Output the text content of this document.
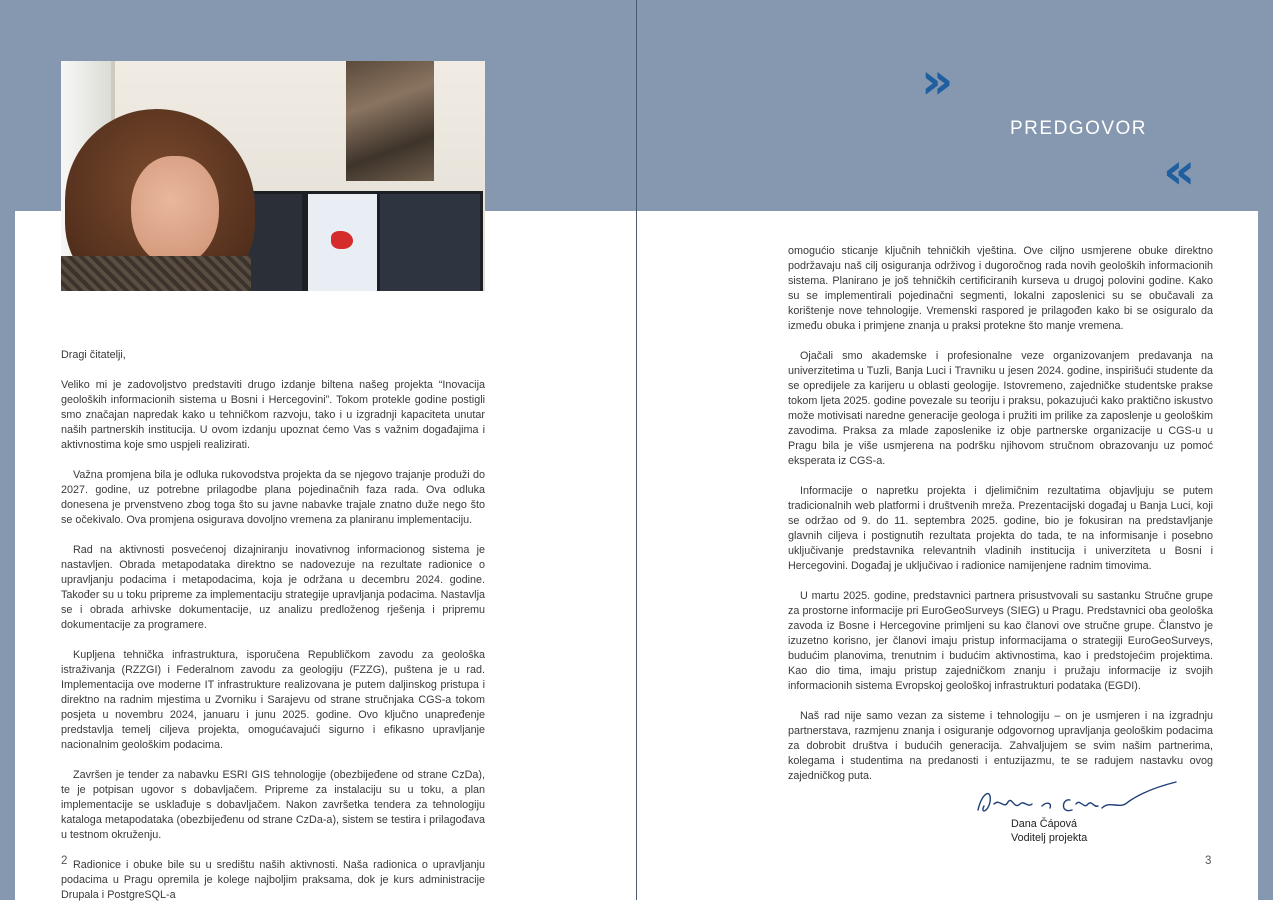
»
PREDGOVOR
«

Dragi čitatelji,

Veliko mi je zadovoljstvo predstaviti drugo izdanje biltena našeg projekta “Inovacija geoloških informacionih sistema u Bosni i Hercegovini”. Tokom protekle godine postigli smo značajan napredak kako u tehničkom razvoju, tako i u izgradnji kapaciteta unutar naših partnerskih institucija. U ovom izdanju upoznat ćemo Vas s važnim događajima i aktivnostima koje smo uspjeli realizirati.

Važna promjena bila je odluka rukovodstva projekta da se njegovo trajanje produži do 2027. godine, uz potrebne prilagodbe plana pojedinačnih faza rada. Ova odluka donesena je prvenstveno zbog toga što su javne nabavke trajale znatno duže nego što se očekivalo. Ova promjena osigurava dovoljno vremena za planiranu implementaciju.

Rad na aktivnosti posvećenoj dizajniranju inovativnog informacionog sistema je nastavljen. Obrada metapodataka direktno se nadovezuje na rezultate radionice o upravljanju podacima i metapodacima, koja je održana u decembru 2024. godine. Također su u toku pripreme za implementaciju strategije upravljanja podacima. Nastavlja se i obrada arhivske dokumentacije, uz analizu predloženog rješenja i pripremu dokumentacije za programere.

Kupljena tehnička infrastruktura, isporučena Republičkom zavodu za geološka istraživanja (RZZGI) i Federalnom zavodu za geologiju (FZZG), puštena je u rad. Implementacija ove moderne IT infrastrukture realizovana je putem daljinskog pristupa i direktno na radnim mjestima u Zvorniku i Sarajevu od strane stručnjaka CGS-a tokom posjeta u novembru 2024, januaru i junu 2025. godine. Ovo ključno unapređenje predstavlja temelj ciljeva projekta, omogućavajući sigurno i efikasno upravljanje nacionalnim geološkim podacima.

Završen je tender za nabavku ESRI GIS tehnologije (obezbijeđene od strane CzDa), te je potpisan ugovor s dobavljačem. Pripreme za instalaciju su u toku, a plan implementacije se usklađuje s dobavljačem. Nakon završetka tendera za tehnologiju kataloga metapodataka (obezbijeđenu od strane CzDa-a), sistem se testira i prilagođava u testnom okruženju.

Radionice i obuke bile su u središtu naših aktivnosti. Naša radionica o upravljanju podacima u Pragu opremila je kolege najboljim praksama, dok je kurs administracije Drupala i PostgreSQL-a

omogućio sticanje ključnih tehničkih vještina. Ove ciljno usmjerene obuke direktno podržavaju naš cilj osiguranja održivog i dugoročnog rada novih geoloških informacionih sistema. Planirano je još tehničkih certificiranih kurseva u drugoj polovini godine. Kako su se implementirali pojedinačni segmenti, lokalni zaposlenici su se obučavali za korištenje nove tehnologije. Vremenski raspored je prilagođen kako bi se osiguralo da između obuka i primjene znanja u praksi protekne što manje vremena.

Ojačali smo akademske i profesionalne veze organizovanjem predavanja na univerzitetima u Tuzli, Banja Luci i Travniku u jesen 2024. godine, inspirišući studente da se opredijele za karijeru u oblasti geologije. Istovremeno, zajedničke studentske prakse tokom ljeta 2025. godine povezale su teoriju i praksu, pokazujući kako praktično iskustvo može motivisati naredne generacije geologa i pružiti im prilike za zaposlenje u geološkim zavodima. Praksa za mlade zaposlenike iz obje partnerske organizacije u CGS-u u Pragu bila je više usmjerena na podršku njihovom stručnom obrazovanju uz pomoć eksperata iz CGS-a.

Informacije o napretku projekta i djelimičnim rezultatima objavljuju se putem tradicionalnih web platformi i društvenih mreža. Prezentacijski događaj u Banja Luci, koji se održao od 9. do 11. septembra 2025. godine, bio je fokusiran na predstavljanje glavnih ciljeva i postignutih rezultata projekta do tada, te na informisanje i posebno uključivanje predstavnika relevantnih vladinih institucija i univerziteta u Bosni i Hercegovini. Događaj je uključivao i radionice namijenjene radnim timovima.

U martu 2025. godine, predstavnici partnera prisustvovali su sastanku Stručne grupe za prostorne informacije pri EuroGeoSurveys (SIEG) u Pragu. Predstavnici oba geološka zavoda iz Bosne i Hercegovine primljeni su kao članovi ove stručne grupe. Članstvo je izuzetno korisno, jer članovi imaju pristup informacijama o strategiji EuroGeoSurveys, budućim planovima, trenutnim i budućim aktivnostima, kao i predstojećim projektima. Kao dio tima, imaju pristup zajedničkom znanju i pružaju informacije iz svojih informacionih sistema Evropskoj geološkoj infrastrukturi podataka (EGDI).

Naš rad nije samo vezan za sisteme i tehnologiju – on je usmjeren i na izgradnju partnerstava, razmjenu znanja i osiguranje odgovornog upravljanja geološkim podacima za dobrobit društva i budućih generacija. Zahvaljujem se svim našim partnerima, kolegama i studentima na predanosti i entuzijazmu, te se radujem nastavku ovog zajedničkog puta.

Dana Čápová
Voditelj projekta
2	3
